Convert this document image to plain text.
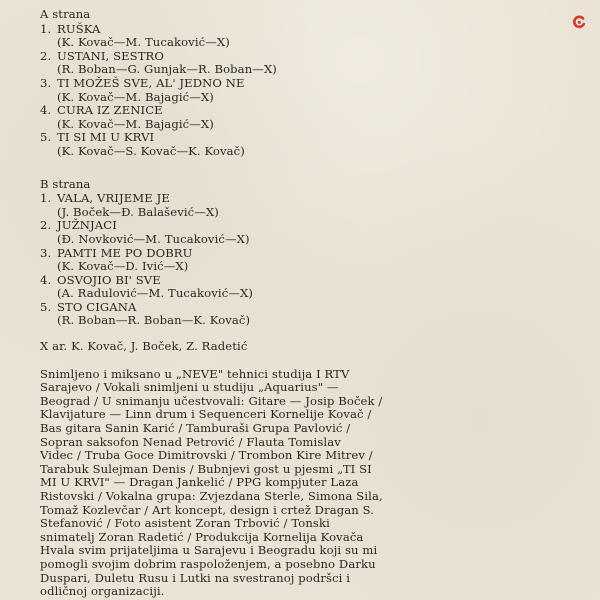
A strana
1. RUŠKA
(K. Kovač—M. Tucaković—X)
2. USTANI, SESTRO
(R. Boban—G. Gunjak—R. Boban—X)
3. TI MOŽEŠ SVE, AL' JEDNO NE
(K. Kovač—M. Bajagić—X)
4. CURA IZ ZENICE
(K. Kovač—M. Bajagić—X)
5. TI SI MI U KRVI
(K. Kovač—S. Kovač—K. Kovač)
B strana
1. VALA, VRIJEME JE
(J. Boček—Đ. Balašević—X)
2. JUŽNJACI
(Đ. Novković—M. Tucaković—X)
3. PAMTI ME PO DOBRU
(K. Kovač—D. Ivić—X)
4. OSVOJIO BI' SVE
(A. Radulović—M. Tucaković—X)
5. STO CIGANA
(R. Boban—R. Boban—K. Kovač)
X ar. K. Kovač, J. Boček, Z. Radetić
Snimljeno i miksano u „NEVE" tehnici studija I RTV
Sarajevo / Vokali snimljeni u studiju „Aquarius" —
Beograd / U snimanju učestvovali: Gitare — Josip Boček /
Klavijature — Linn drum i Sequenceri Kornelije Kovač /
Bas gitara Sanin Karić / Tamburaši Grupa Pavlović /
Sopran saksofon Nenad Petrović / Flauta Tomislav
Videc / Truba Goce Dimitrovski / Trombon Kire Mitrev /
Tarabuk Sulejman Denis / Bubnjevi gost u pjesmi „TI SI
MI U KRVI" — Dragan Jankelić / PPG kompjuter Laza
Ristovski / Vokalna grupa: Zvjezdana Sterle, Simona Sila,
Tomaž Kozlevčar / Art koncept, design i crtež Dragan S.
Stefanović / Foto asistent Zoran Trbović / Tonski
snimatelj Zoran Radetić / Produkcija Kornelija Kovača
Hvala svim prijateljima u Sarajevu i Beogradu koji su mi
pomogli svojim dobrim raspoloženjem, a posebno Darku
Duspari, Duletu Rusu i Lutki na svestranoj podršci i
odličnoj organizaciji.
